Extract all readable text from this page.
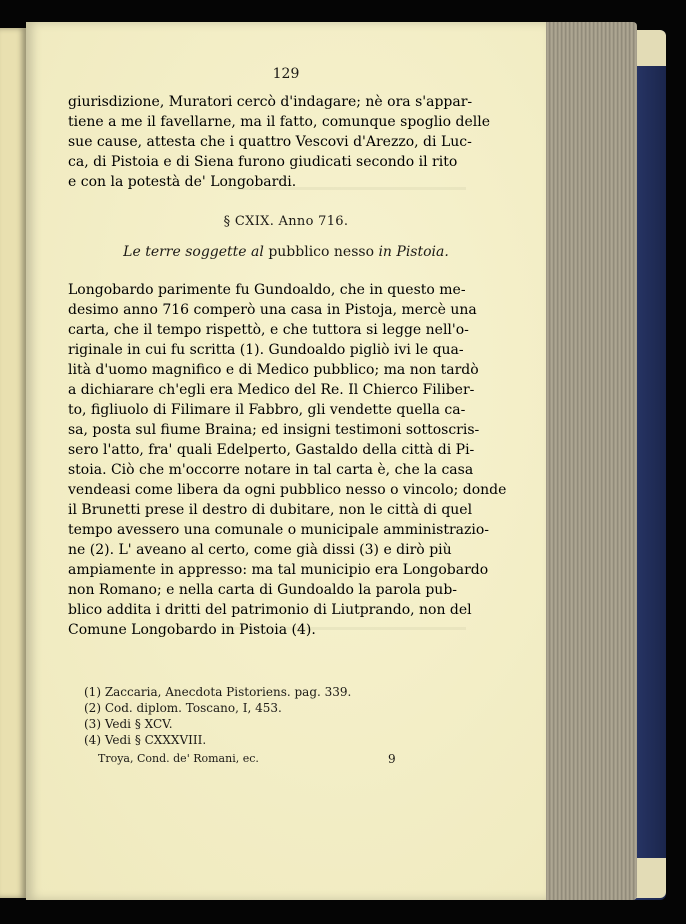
129
giurisdizione, Muratori cercò d'indagare; nè ora s'appar-
tiene a me il favellarne, ma il fatto, comunque spoglio delle
sue cause, attesta che i quattro Vescovi d'Arezzo, di Luc-
ca, di Pistoia e di Siena furono giudicati secondo il rito
e con la potestà de' Longobardi.
§ CXIX. Anno 716.
Le terre soggette al pubblico nesso in Pistoia.
Longobardo parimente fu Gundoaldo, che in questo me-
desimo anno 716 comperò una casa in Pistoja, mercè una
carta, che il tempo rispettò, e che tuttora si legge nell'o-
riginale in cui fu scritta (1). Gundoaldo pigliò ivi le qua-
lità d'uomo magnifico e di Medico pubblico; ma non tardò
a dichiarare ch'egli era Medico del Re. Il Chierco Filiber-
to, figliuolo di Filimare il Fabbro, gli vendette quella ca-
sa, posta sul fiume Braina; ed insigni testimoni sottoscris-
sero l'atto, fra' quali Edelperto, Gastaldo della città di Pi-
stoia. Ciò che m'occorre notare in tal carta è, che la casa
vendeasi come libera da ogni pubblico nesso o vincolo; donde
il Brunetti prese il destro di dubitare, non le città di quel
tempo avessero una comunale o municipale amministrazio-
ne (2). L' aveano al certo, come già dissi (3) e dirò più
ampiamente in appresso: ma tal municipio era Longobardo
non Romano; e nella carta di Gundoaldo la parola pub-
blico addita i dritti del patrimonio di Liutprando, non del
Comune Longobardo in Pistoia (4).
(1) Zaccaria, Anecdota Pistoriens. pag. 339.
(2) Cod. diplom. Toscano, I, 453.
(3) Vedi § XCV.
(4) Vedi § CXXXVIII.
Troya, Cond. de' Romani, ec.	9
